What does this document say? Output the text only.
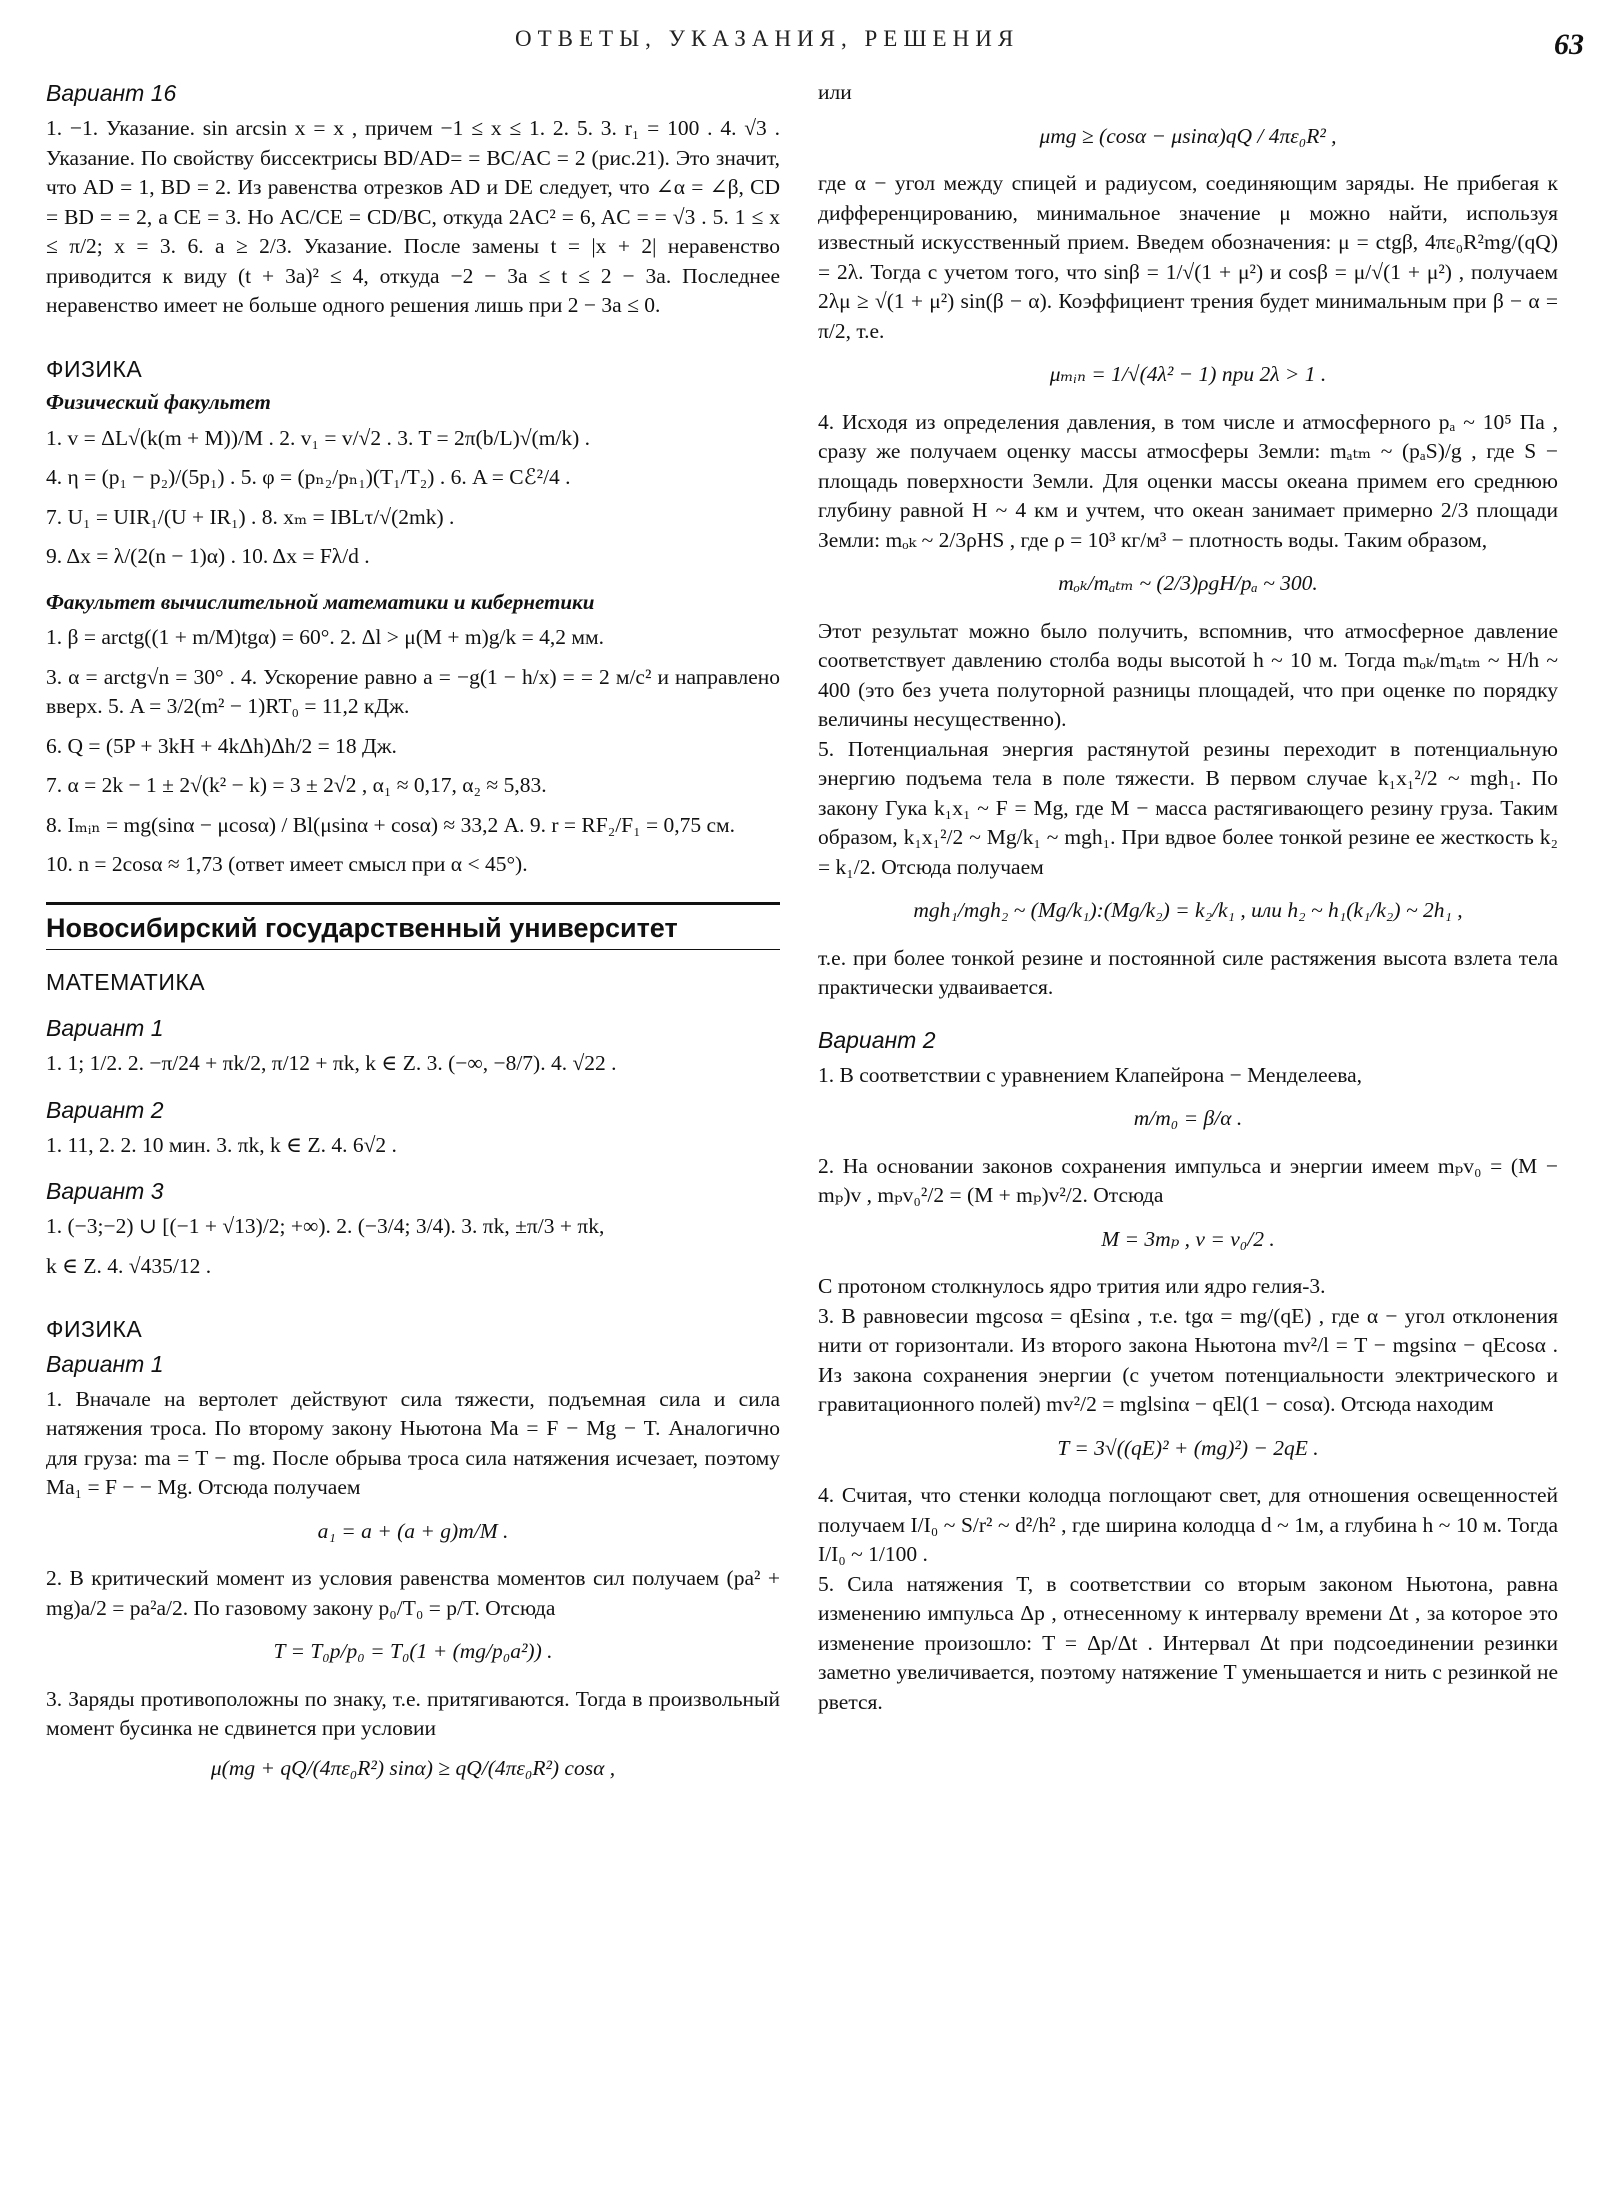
ОТВЕТЫ, УКАЗАНИЯ, РЕШЕНИЯ	63
Вариант 16

1. −1. Указание. sin arcsin x = x , причем −1 ≤ x ≤ 1. 2. 5. 3. r₁ = 100 . 4. √3 . Указание. По свойству биссектрисы BD/AD= = BC/AC = 2 (рис.21). Это значит, что AD = 1, BD = 2. Из равенства отрезков AD и DE следует, что ∠α = ∠β, CD = BD = = 2, а CE = 3. Но AC/CE = CD/BC, откуда 2AC² = 6, AC = = √3 . 5. 1 ≤ x ≤ π/2; x = 3. 6. a ≥ 2/3. Указание. После замены t = |x + 2| неравенство приводится к виду (t + 3a)² ≤ 4, откуда −2 − 3a ≤ t ≤ 2 − 3a. Последнее неравенство имеет не больше одного решения лишь при 2 − 3a ≤ 0.

ФИЗИКА
Физический факультет

1. v = ΔL√(k(m + M))/M . 2. v₁ = v/√2 . 3. T = 2π(b/L)√(m/k) .

4. η = (p₁ − p₂)/(5p₁) . 5. φ = (pₙ₂/pₙ₁)(T₁/T₂) . 6. A = Cℰ²/4 .

7. U₁ = UIR₁/(U + IR₁) . 8. xₘ = IBLτ/√(2mk) .

9. Δx = λ/(2(n − 1)α) . 10. Δx = Fλ/d .

Факультет вычислительной математики и кибернетики

1. β = arctg((1 + m/M)tgα) = 60°. 2. Δl > μ(M + m)g/k = 4,2 мм.

3. α = arctg√n = 30° . 4. Ускорение равно a = −g(1 − h/x) = = 2 м/с² и направлено вверх. 5. A = 3/2(m² − 1)RT₀ = 11,2 кДж.

6. Q = (5P + 3kH + 4kΔh)Δh/2 = 18 Дж.

7. α = 2k − 1 ± 2√(k² − k) = 3 ± 2√2 , α₁ ≈ 0,17, α₂ ≈ 5,83.

8. Iₘᵢₙ = mg(sinα − μcosα) / Bl(μsinα + cosα) ≈ 33,2 А. 9. r = RF₂/F₁ = 0,75 см.

10. n = 2cosα ≈ 1,73 (ответ имеет смысл при α < 45°).

Новосибирский государственный университет
МАТЕМАТИКА
Вариант 1

1. 1; 1/2. 2. −π/24 + πk/2, π/12 + πk, k ∈ Z. 3. (−∞, −8/7). 4. √22 .

Вариант 2

1. 11, 2. 2. 10 мин. 3. πk, k ∈ Z. 4. 6√2 .

Вариант 3

1. (−3;−2) ∪ [(−1 + √13)/2; +∞). 2. (−3/4; 3/4). 3. πk, ±π/3 + πk,

k ∈ Z. 4. √435/12 .

ФИЗИКА
Вариант 1

1. Вначале на вертолет действуют сила тяжести, подъемная сила и сила натяжения троса. По второму закону Ньютона Ma = F − Mg − T. Аналогично для груза: ma = T − mg. После обрыва троса сила натяжения исчезает, поэтому Ma₁ = F − − Mg. Отсюда получаем

a₁ = a + (a + g)m/M .

2. В критический момент из условия равенства моментов сил получаем (pa² + mg)a/2 = pa²a/2. По газовому закону p₀/T₀ = p/T. Отсюда

T = T₀p/p₀ = T₀(1 + (mg/p₀a²)) .

3. Заряды противоположны по знаку, т.е. притягиваются. Тогда в произвольный момент бусинка не сдвинется при условии

μ(mg + qQ/(4πε₀R²) sinα) ≥ qQ/(4πε₀R²) cosα ,

или

μmg ≥ (cosα − μsinα)qQ / 4πε₀R² ,

где α − угол между спицей и радиусом, соединяющим заряды. Не прибегая к дифференцированию, минимальное значение μ можно найти, используя известный искусственный прием. Введем обозначения: μ = ctgβ, 4πε₀R²mg/(qQ) = 2λ. Тогда с учетом того, что sinβ = 1/√(1 + μ²) и cosβ = μ/√(1 + μ²) , получаем 2λμ ≥ √(1 + μ²) sin(β − α). Коэффициент трения будет минимальным при β − α = π/2, т.е.

μₘᵢₙ = 1/√(4λ² − 1) при 2λ > 1 .

4. Исходя из определения давления, в том числе и атмосферного pₐ ~ 10⁵ Па , сразу же получаем оценку массы атмосферы Земли: mₐₜₘ ~ (pₐS)/g , где S − площадь поверхности Земли. Для оценки массы океана примем его среднюю глубину равной H ~ 4 км и учтем, что океан занимает примерно 2/3 площади Земли: mₒₖ ~ 2/3ρHS , где ρ = 10³ кг/м³ − плотность воды. Таким образом,

mₒₖ/mₐₜₘ ~ (2/3)ρgH/pₐ ~ 300.

Этот результат можно было получить, вспомнив, что атмосферное давление соответствует давлению столба воды высотой h ~ 10 м. Тогда mₒₖ/mₐₜₘ ~ H/h ~ 400 (это без учета полуторной разницы площадей, что при оценке по порядку величины несущественно).

5. Потенциальная энергия растянутой резины переходит в потенциальную энергию подъема тела в поле тяжести. В первом случае k₁x₁²/2 ~ mgh₁. По закону Гука k₁x₁ ~ F = Mg, где M − масса растягивающего резину груза. Таким образом, k₁x₁²/2 ~ Mg/k₁ ~ mgh₁. При вдвое более тонкой резине ее жесткость k₂ = k₁/2. Отсюда получаем

mgh₁/mgh₂ ~ (Mg/k₁):(Mg/k₂) = k₂/k₁ , или h₂ ~ h₁(k₁/k₂) ~ 2h₁ ,

т.е. при более тонкой резине и постоянной силе растяжения высота взлета тела практически удваивается.

Вариант 2

1. В соответствии с уравнением Клапейрона − Менделеева,

m/m₀ = β/α .

2. На основании законов сохранения импульса и энергии имеем mₚv₀ = (M − mₚ)v , mₚv₀²/2 = (M + mₚ)v²/2. Отсюда

M = 3mₚ , v = v₀/2 .

С протоном столкнулось ядро трития или ядро гелия-3.

3. В равновесии mgcosα = qEsinα , т.е. tgα = mg/(qE) , где α − угол отклонения нити от горизонтали. Из второго закона Ньютона mv²/l = T − mgsinα − qEcosα . Из закона сохранения энергии (с учетом потенциальности электрического и гравитационного полей) mv²/2 = mglsinα − qEl(1 − cosα). Отсюда находим

T = 3√((qE)² + (mg)²) − 2qE .

4. Считая, что стенки колодца поглощают свет, для отношения освещенностей получаем I/I₀ ~ S/r² ~ d²/h² , где ширина колодца d ~ 1м, а глубина h ~ 10 м. Тогда I/I₀ ~ 1/100 .

5. Сила натяжения T, в соответствии со вторым законом Ньютона, равна изменению импульса Δp , отнесенному к интервалу времени Δt , за которое это изменение произошло: T = Δp/Δt . Интервал Δt при подсоединении резинки заметно увеличивается, поэтому натяжение T уменьшается и нить с резинкой не рвется.
